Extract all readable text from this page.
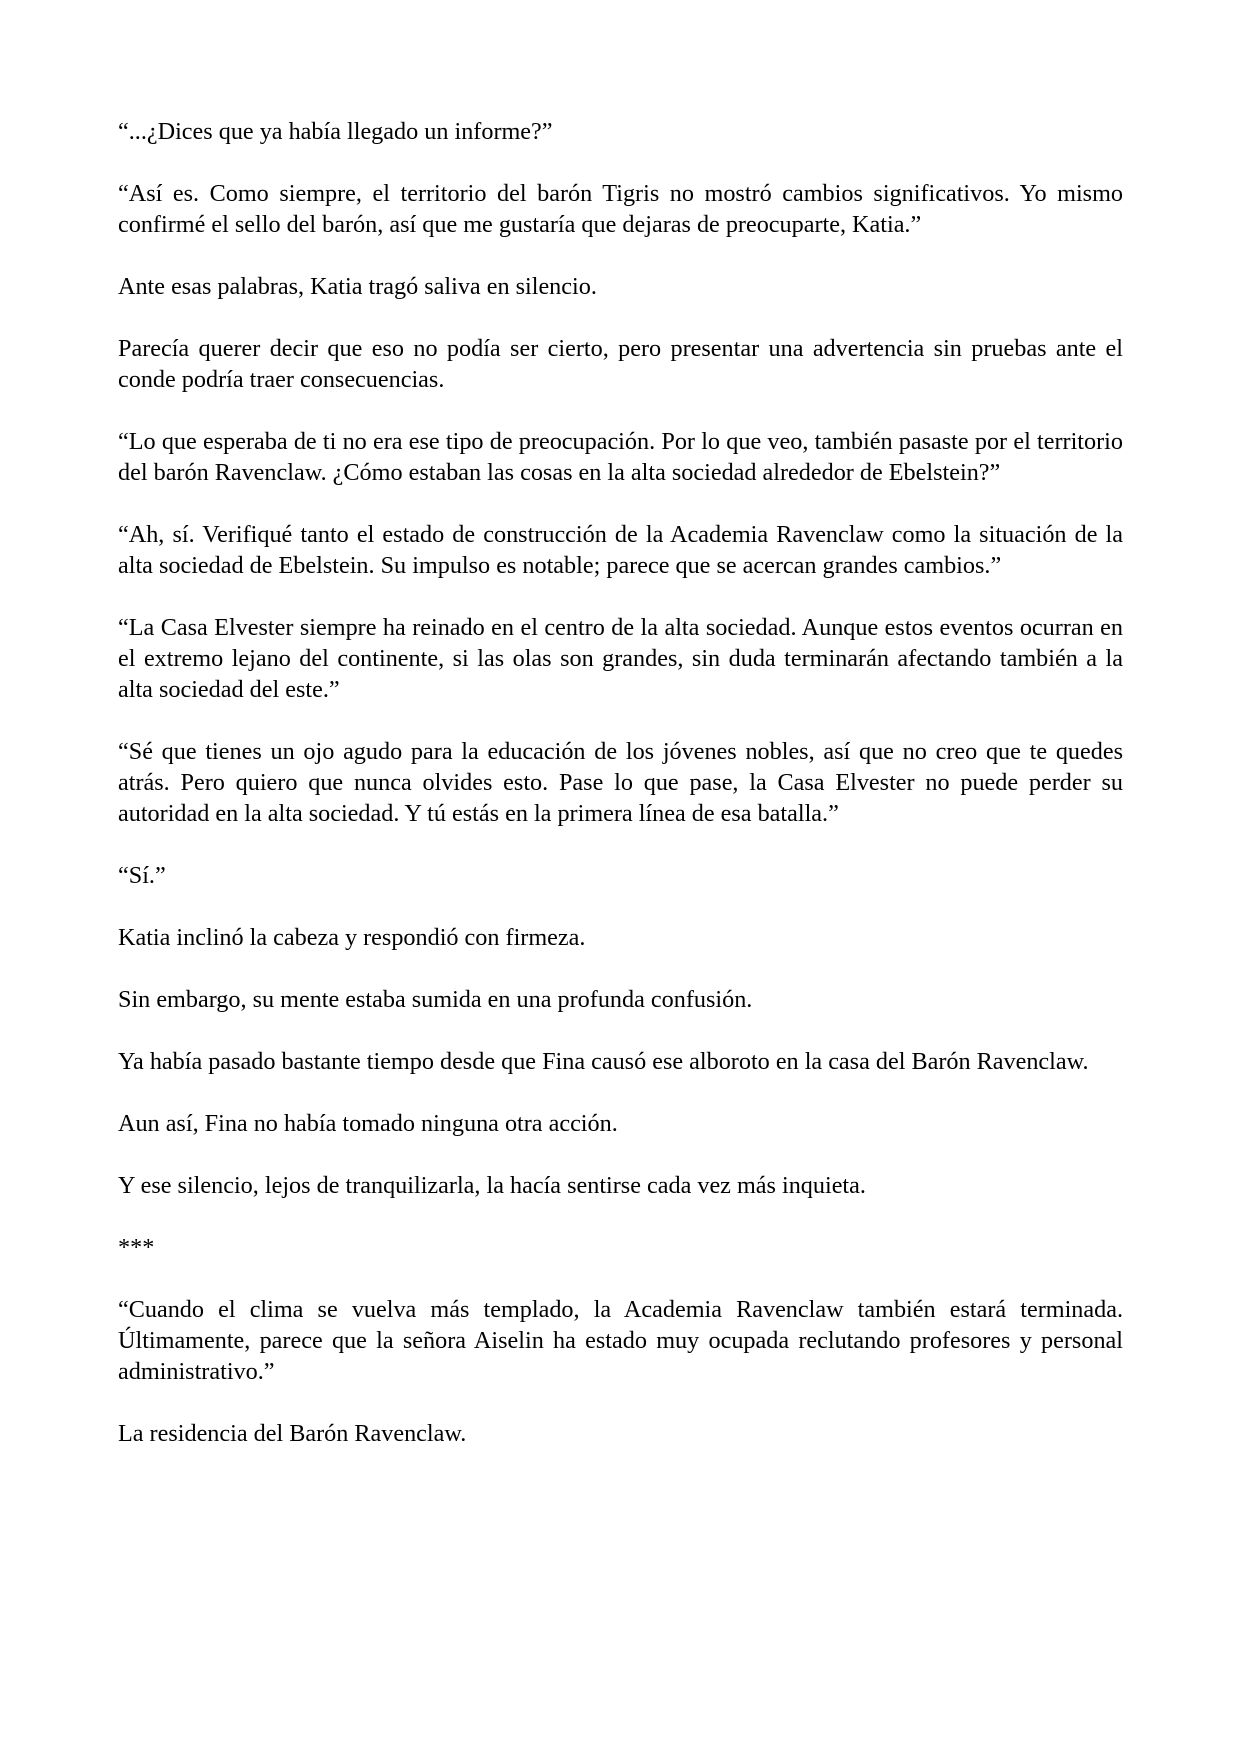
“...¿Dices que ya había llegado un informe?”

“Así es. Como siempre, el territorio del barón Tigris no mostró cambios significativos. Yo mismo confirmé el sello del barón, así que me gustaría que dejaras de preocuparte, Katia.”

Ante esas palabras, Katia tragó saliva en silencio.

Parecía querer decir que eso no podía ser cierto, pero presentar una advertencia sin pruebas ante el conde podría traer consecuencias.

“Lo que esperaba de ti no era ese tipo de preocupación. Por lo que veo, también pasaste por el territorio del barón Ravenclaw. ¿Cómo estaban las cosas en la alta sociedad alrededor de Ebelstein?”

“Ah, sí. Verifiqué tanto el estado de construcción de la Academia Ravenclaw como la situación de la alta sociedad de Ebelstein. Su impulso es notable; parece que se acercan grandes cambios.”

“La Casa Elvester siempre ha reinado en el centro de la alta sociedad. Aunque estos eventos ocurran en el extremo lejano del continente, si las olas son grandes, sin duda terminarán afectando también a la alta sociedad del este.”

“Sé que tienes un ojo agudo para la educación de los jóvenes nobles, así que no creo que te quedes atrás. Pero quiero que nunca olvides esto. Pase lo que pase, la Casa Elvester no puede perder su autoridad en la alta sociedad. Y tú estás en la primera línea de esa batalla.”

“Sí.”

Katia inclinó la cabeza y respondió con firmeza.

Sin embargo, su mente estaba sumida en una profunda confusión.

Ya había pasado bastante tiempo desde que Fina causó ese alboroto en la casa del Barón Ravenclaw.

Aun así, Fina no había tomado ninguna otra acción.

Y ese silencio, lejos de tranquilizarla, la hacía sentirse cada vez más inquieta.

***

“Cuando el clima se vuelva más templado, la Academia Ravenclaw también estará terminada. Últimamente, parece que la señora Aiselin ha estado muy ocupada reclutando profesores y personal administrativo.”

La residencia del Barón Ravenclaw.
